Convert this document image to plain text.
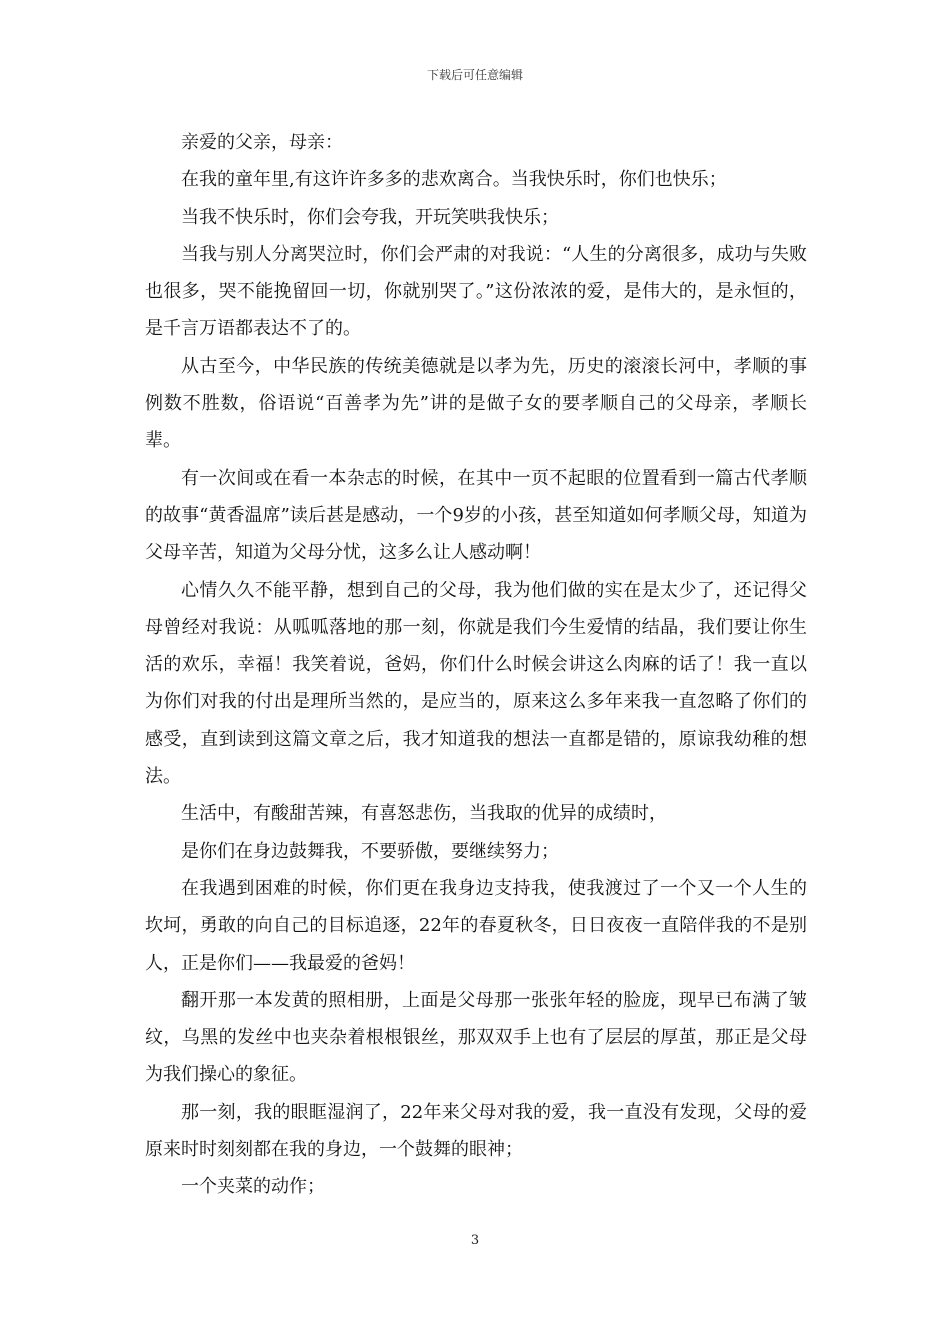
下载后可任意编辑

亲爱的父亲，母亲：

在我的童年里,有这许许多多的悲欢离合。当我快乐时，你们也快乐；

当我不快乐时，你们会夸我，开玩笑哄我快乐；

当我与别人分离哭泣时，你们会严肃的对我说：“人生的分离很多，成功与失败也很多，哭不能挽留回一切，你就别哭了。”这份浓浓的爱，是伟大的，是永恒的，是千言万语都表达不了的。

从古至今，中华民族的传统美德就是以孝为先，历史的滚滚长河中，孝顺的事例数不胜数，俗语说“百善孝为先”讲的是做子女的要孝顺自己的父母亲，孝顺长辈。

有一次间或在看一本杂志的时候，在其中一页不起眼的位置看到一篇古代孝顺的故事“黄香温席”读后甚是感动，一个9岁的小孩，甚至知道如何孝顺父母，知道为父母辛苦，知道为父母分忧，这多么让人感动啊！

心情久久不能平静，想到自己的父母，我为他们做的实在是太少了，还记得父母曾经对我说：从呱呱落地的那一刻，你就是我们今生爱情的结晶，我们要让你生活的欢乐，幸福！我笑着说，爸妈，你们什么时候会讲这么肉麻的话了！我一直以为你们对我的付出是理所当然的，是应当的，原来这么多年来我一直忽略了你们的感受，直到读到这篇文章之后，我才知道我的想法一直都是错的，原谅我幼稚的想法。

生活中，有酸甜苦辣，有喜怒悲伤，当我取的优异的成绩时，

是你们在身边鼓舞我，不要骄傲，要继续努力；

在我遇到困难的时候，你们更在我身边支持我，使我渡过了一个又一个人生的坎坷，勇敢的向自己的目标追逐，22年的春夏秋冬，日日夜夜一直陪伴我的不是别人，正是你们——我最爱的爸妈！

翻开那一本发黄的照相册，上面是父母那一张张年轻的脸庞，现早已布满了皱纹，乌黑的发丝中也夹杂着根根银丝，那双双手上也有了层层的厚茧，那正是父母为我们操心的象征。

那一刻，我的眼眶湿润了，22年来父母对我的爱，我一直没有发现，父母的爱原来时时刻刻都在我的身边，一个鼓舞的眼神；

一个夹菜的动作；

3
